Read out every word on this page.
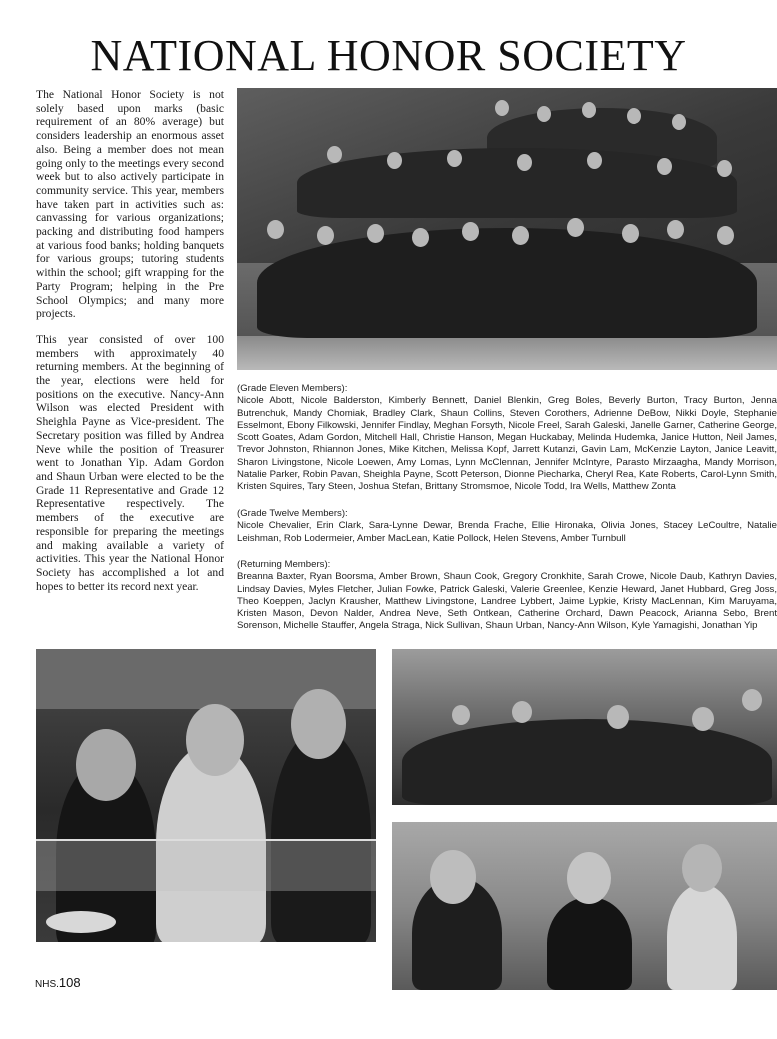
NATIONAL HONOR SOCIETY

The National Honor Society is not solely based upon marks (basic requirement of an 80% average) but considers leadership an enormous asset also. Being a member does not mean going only to the meetings every second week but to also actively participate in community service. This year, members have taken part in activities such as: canvassing for various organizations; packing and distributing food hampers at various food banks; holding banquets for various groups; tutoring students within the school; gift wrapping for the Party Program; helping in the Pre School Olympics; and many more projects.

This year consisted of over 100 members with approximately 40 returning members. At the beginning of the year, elections were held for positions on the executive. Nancy-Ann Wilson was elected President with Sheighla Payne as Vice-president. The Secretary position was filled by Andrea Neve while the position of Treasurer went to Jonathan Yip. Adam Gordon and Shaun Urban were elected to be the Grade 11 Representative and Grade 12 Representative respectively. The members of the executive are responsible for preparing the meetings and making available a variety of activities. This year the National Honor Society has accomplished a lot and hopes to better its record next year.

(Grade Eleven Members):
Nicole Abott, Nicole Balderston, Kimberly Bennett, Daniel Blenkin, Greg Boles, Beverly Burton, Tracy Burton, Jenna Butrenchuk, Mandy Chomiak, Bradley Clark, Shaun Collins, Steven Corothers, Adrienne DeBow, Nikki Doyle, Stephanie Esselmont, Ebony Filkowski, Jennifer Findlay, Meghan Forsyth, Nicole Freel, Sarah Galeski, Janelle Garner, Catherine George, Scott Goates, Adam Gordon, Mitchell Hall, Christie Hanson, Megan Huckabay, Melinda Hudemka, Janice Hutton, Neil James, Trevor Johnston, Rhiannon Jones, Mike Kitchen, Melissa Kopf, Jarrett Kutanzi, Gavin Lam, McKenzie Layton, Janice Leavitt, Sharon Livingstone, Nicole Loewen, Amy Lomas, Lynn McClennan, Jennifer McIntyre, Parasto Mirzaagha, Mandy Morrison, Natalie Parker, Robin Pavan, Sheighla Payne, Scott Peterson, Dionne Piecharka, Cheryl Rea, Kate Roberts, Carol-Lynn Smith, Kristen Squires, Tary Steen, Joshua Stefan, Brittany Stromsmoe, Nicole Todd, Ira Wells, Matthew Zonta
(Grade Twelve Members):
Nicole Chevalier, Erin Clark, Sara-Lynne Dewar, Brenda Frache, Ellie Hironaka, Olivia Jones, Stacey LeCoultre, Natalie Leishman, Rob Lodermeier, Amber MacLean, Katie Pollock, Helen Stevens, Amber Turnbull
(Returning Members):
Breanna Baxter, Ryan Boorsma, Amber Brown, Shaun Cook, Gregory Cronkhite, Sarah Crowe, Nicole Daub, Kathryn Davies, Lindsay Davies, Myles Fletcher, Julian Fowke, Patrick Galeski, Valerie Greenlee, Kenzie Heward, Janet Hubbard, Greg Joss, Theo Koeppen, Jaclyn Krausher, Matthew Livingstone, Landree Lybbert, Jaime Lypkie, Kristy MacLennan, Kim Maruyama, Kristen Mason, Devon Nalder, Andrea Neve, Seth Ontkean, Catherine Orchard, Dawn Peacock, Arianna Sebo, Brent Sorenson, Michelle Stauffer, Angela Straga, Nick Sullivan, Shaun Urban, Nancy-Ann Wilson, Kyle Yamagishi, Jonathan Yip
NHS.108
